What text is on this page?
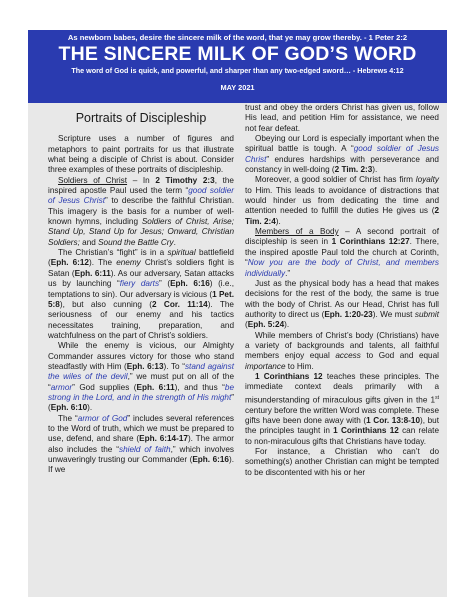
As newborn babes, desire the sincere milk of the word, that ye may grow thereby. - 1 Peter 2:2
THE SINCERE MILK OF GOD’S WORD
The word of God is quick, and powerful, and sharper than any two-edged sword… - Hebrews 4:12
MAY 2021
Portraits of Discipleship

Scripture uses a number of figures and metaphors to paint portraits for us that illustrate what being a disciple of Christ is about. Consider three examples of these portraits of discipleship.

Soldiers of Christ – In 2 Timothy 2:3, the inspired apostle Paul used the term “good soldier of Jesus Christ” to describe the faithful Christian. This imagery is the basis for a number of well-known hymns, including Soldiers of Christ, Arise; Stand Up, Stand Up for Jesus; Onward, Christian Soldiers; and Sound the Battle Cry.

The Christian’s “fight” is in a spiritual battlefield (Eph. 6:12). The enemy Christ’s soldiers fight is Satan (Eph. 6:11). As our adversary, Satan attacks us by launching “fiery darts” (Eph. 6:16) (i.e., temptations to sin). Our adversary is vicious (1 Pet. 5:8), but also cunning (2 Cor. 11:14). The seriousness of our enemy and his tactics necessitates training, preparation, and watchfulness on the part of Christ’s soldiers.

While the enemy is vicious, our Almighty Commander assures victory for those who stand steadfastly with Him (Eph. 6:13). To “stand against the wiles of the devil,” we must put on all of the “armor” God supplies (Eph. 6:11), and thus “be strong in the Lord, and in the strength of His might” (Eph. 6:10).

The “armor of God” includes several references to the Word of truth, which we must be prepared to use, defend, and share (Eph. 6:14-17). The armor also includes the “shield of faith,” which involves unwaveringly trusting our Commander (Eph. 6:16). If we

trust and obey the orders Christ has given us, follow His lead, and petition Him for assistance, we need not fear defeat.

Obeying our Lord is especially important when the spiritual battle is tough. A “good soldier of Jesus Christ” endures hardships with perseverance and constancy in well-doing (2 Tim. 2:3).

Moreover, a good soldier of Christ has firm loyalty to Him. This leads to avoidance of distractions that would hinder us from dedicating the time and attention needed to fulfill the duties He gives us (2 Tim. 2:4).

Members of a Body – A second portrait of discipleship is seen in 1 Corinthians 12:27. There, the inspired apostle Paul told the church at Corinth, “Now you are the body of Christ, and members individually.”

Just as the physical body has a head that makes decisions for the rest of the body, the same is true with the body of Christ. As our Head, Christ has full authority to direct us (Eph. 1:20-23). We must submit (Eph. 5:24).

While members of Christ’s body (Christians) have a variety of backgrounds and talents, all faithful members enjoy equal access to God and equal importance to Him.

1 Corinthians 12 teaches these principles. The immediate context deals primarily with a misunderstanding of miraculous gifts given in the 1st century before the written Word was complete. These gifts have been done away with (1 Cor. 13:8-10), but the principles taught in 1 Corinthians 12 can relate to non-miraculous gifts that Christians have today.

For instance, a Christian who can’t do something(s) another Christian can might be tempted to be discontented with his or her
